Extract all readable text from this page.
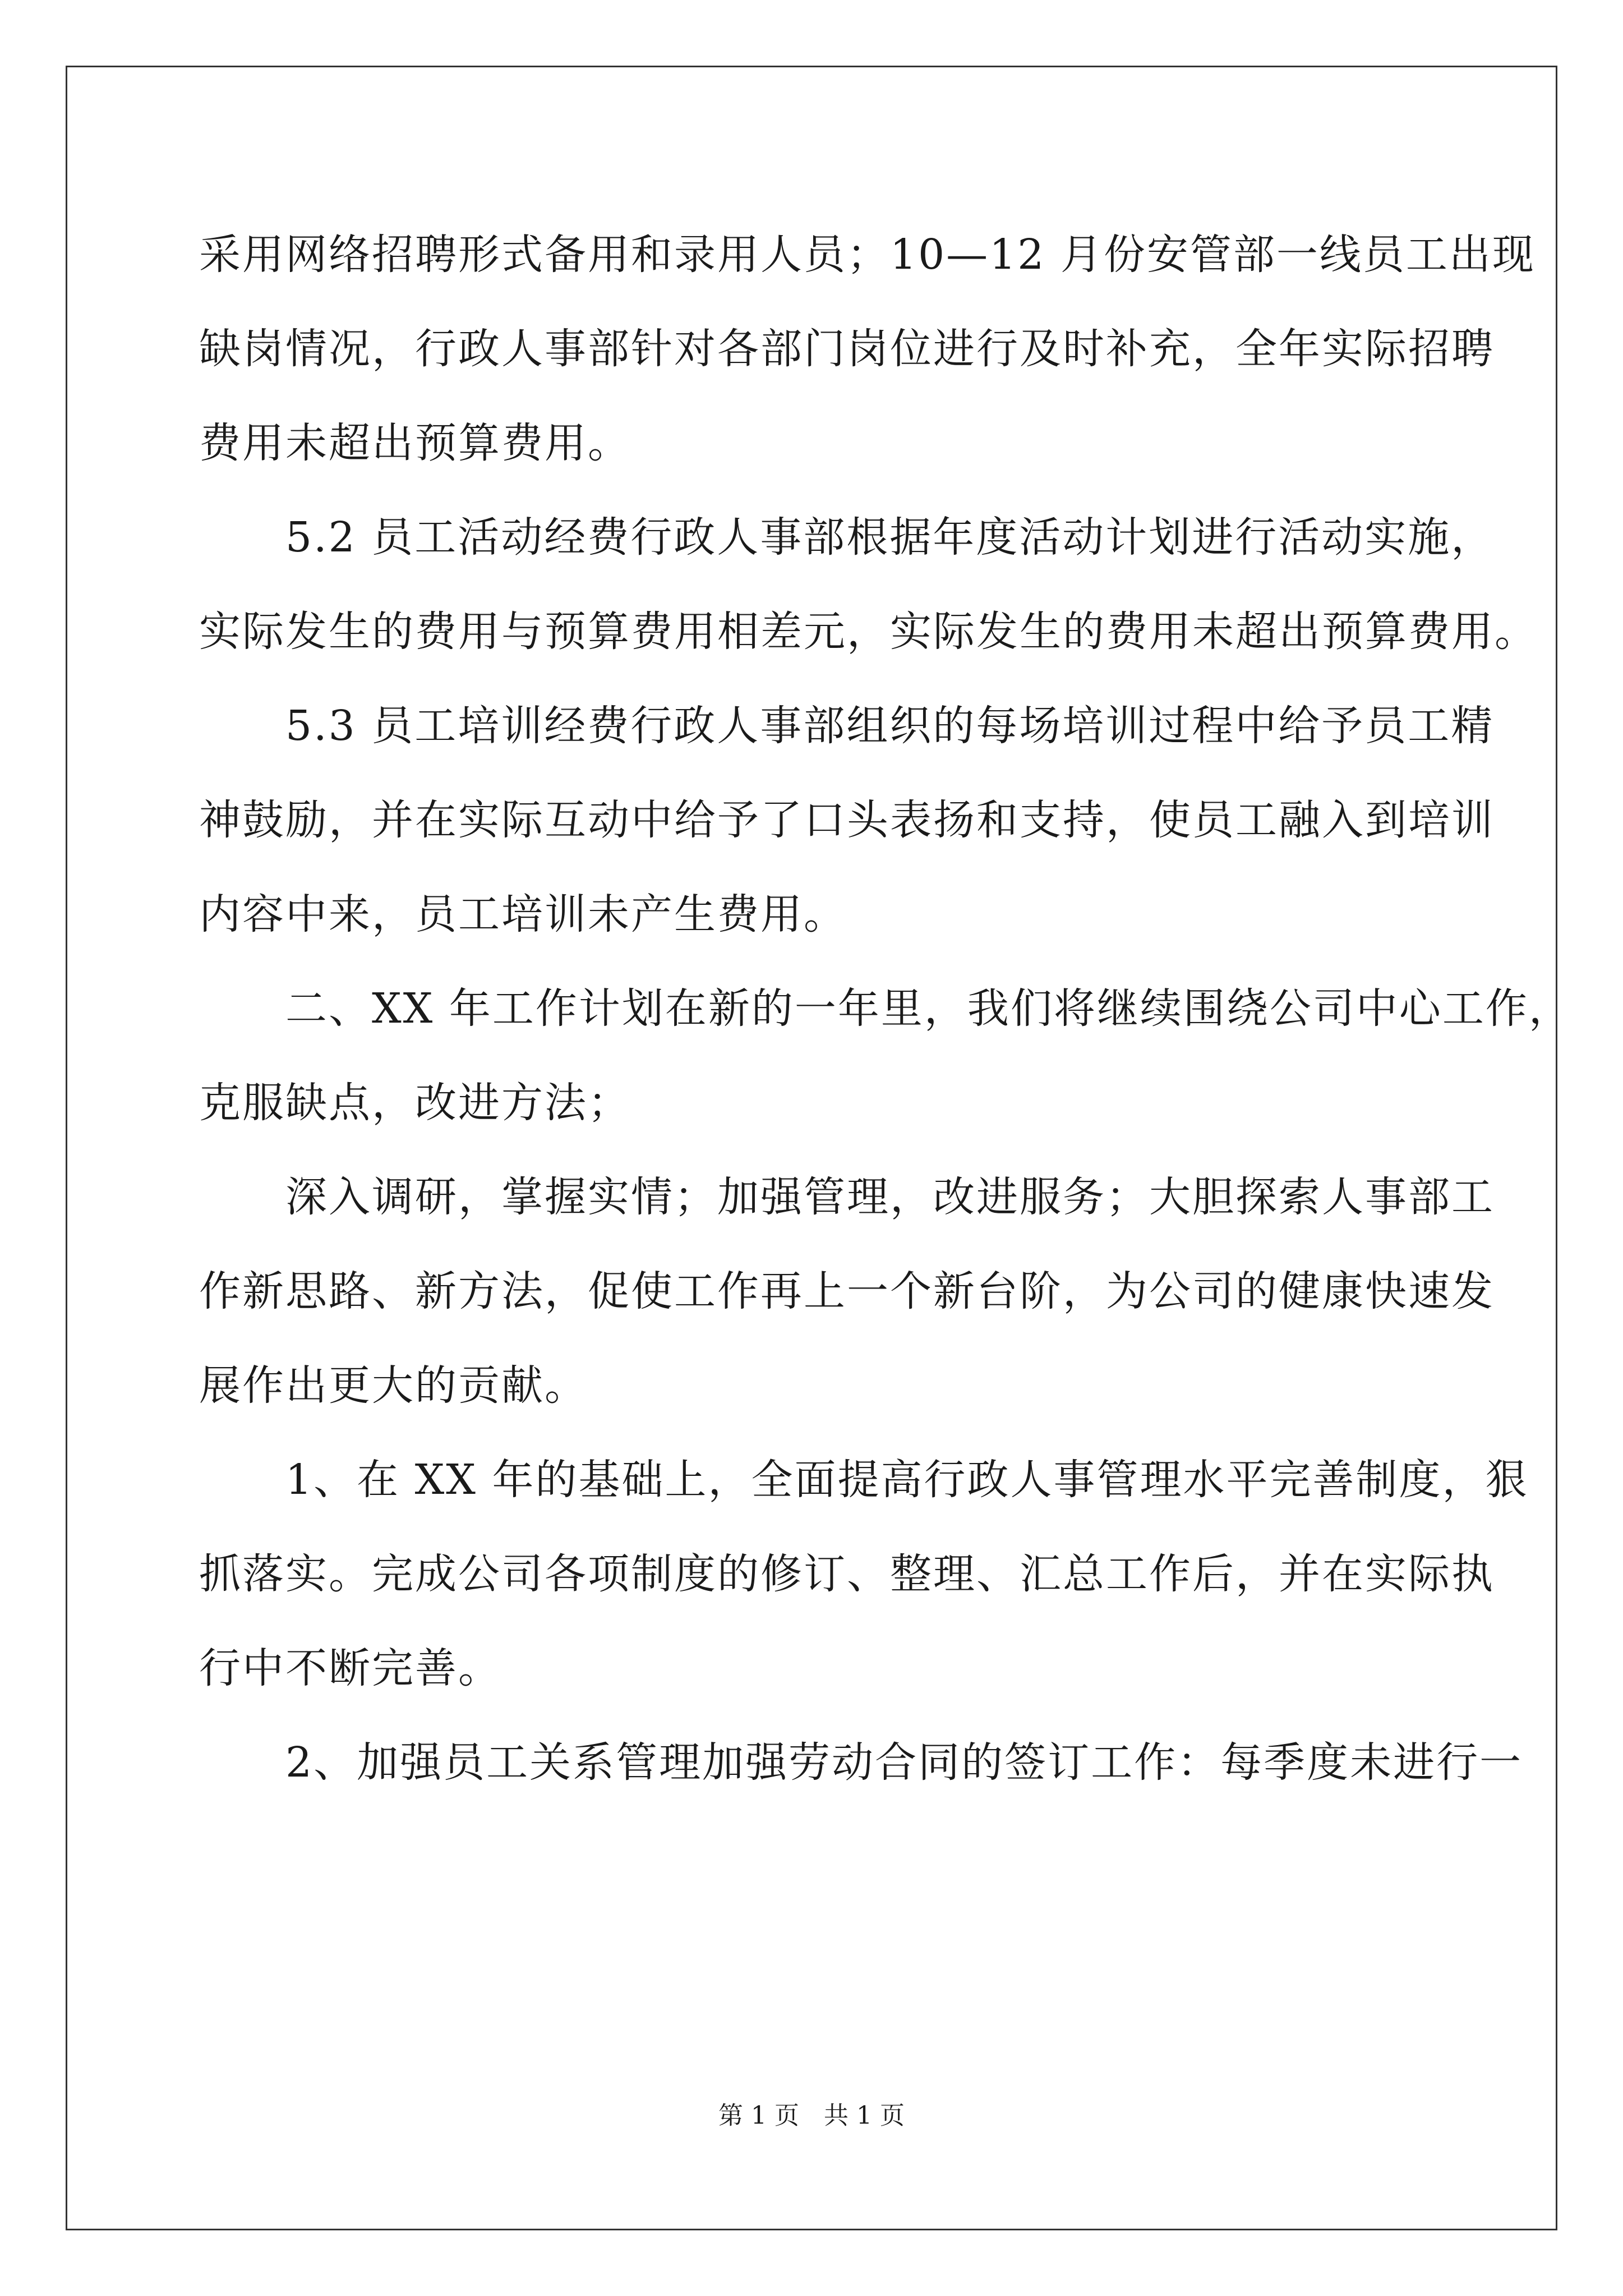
采用网络招聘形式备用和录用人员；10—12 月份安管部一线员工出现
缺岗情况，行政人事部针对各部门岗位进行及时补充，全年实际招聘
费用未超出预算费用。
　　5.2 员工活动经费行政人事部根据年度活动计划进行活动实施，
实际发生的费用与预算费用相差元，实际发生的费用未超出预算费用。
　　5.3 员工培训经费行政人事部组织的每场培训过程中给予员工精
神鼓励，并在实际互动中给予了口头表扬和支持，使员工融入到培训
内容中来，员工培训未产生费用。
　　二、XX 年工作计划在新的一年里，我们将继续围绕公司中心工作，
克服缺点，改进方法；
　　深入调研，掌握实情；加强管理，改进服务；大胆探索人事部工
作新思路、新方法，促使工作再上一个新台阶，为公司的健康快速发
展作出更大的贡献。
　　1、在 XX 年的基础上，全面提高行政人事管理水平完善制度，狠
抓落实。完成公司各项制度的修订、整理、汇总工作后，并在实际执
行中不断完善。
　　2、加强员工关系管理加强劳动合同的签订工作：每季度未进行一
第 1 页　共 1 页
